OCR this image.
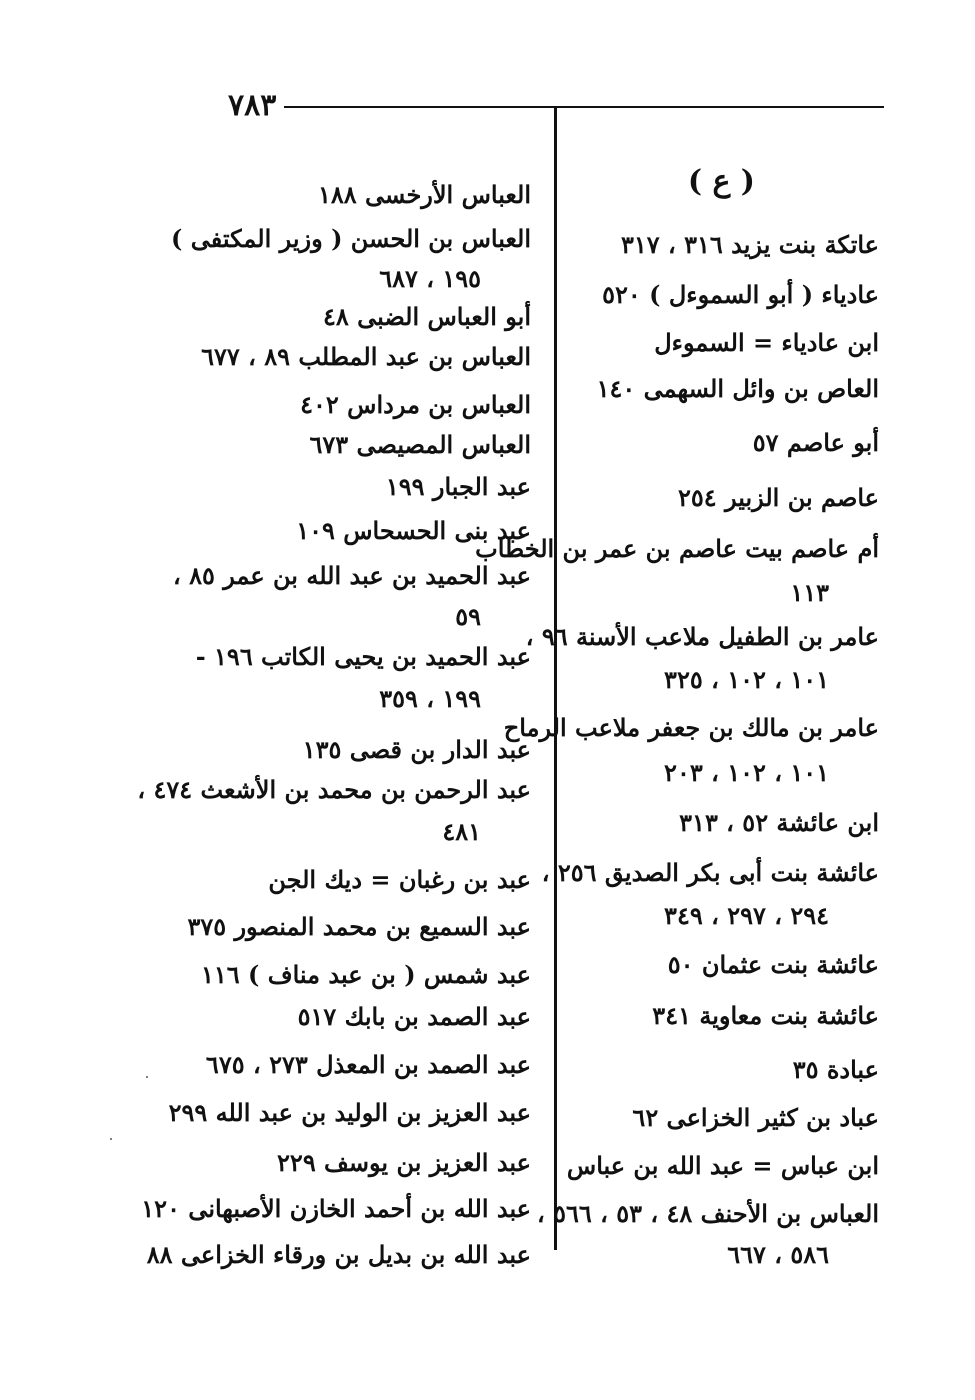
٧٨٣
( ع )
عاتكة بنت يزيد ٣١٦ ، ٣١٧
عادياء ( أبو السموءل ) ٥٢٠
ابن عادياء = السموءل
العاص بن وائل السهمى ١٤٠
أبو عاصم ٥٧
عاصم بن الزبير ٢٥٤
أم عاصم بيت عاصم بن عمر بن الخطاب
١١٣
عامر بن الطفيل ملاعب الأسنة ٩٦ ،
١٠١ ، ١٠٢ ، ٣٢٥
عامر بن مالك بن جعفر ملاعب الرماح
١٠١ ، ١٠٢ ، ٢٠٣
ابن عائشة ٥٢ ، ٣١٣
عائشة بنت أبى بكر الصديق ٢٥٦ ،
٢٩٤ ، ٢٩٧ ، ٣٤٩
عائشة بنت عثمان ٥٠
عائشة بنت معاوية ٣٤١
عبادة ٣٥
عباد بن كثير الخزاعى ٦٢
ابن عباس = عبد الله بن عباس
العباس بن الأحنف ٤٨ ، ٥٣ ، ٥٦٦ ،
٥٨٦ ، ٦٦٧
العباس الأرخسى ١٨٨
العباس بن الحسن ( وزير المكتفى )
١٩٥ ، ٦٨٧
أبو العباس الضبى ٤٨
العباس بن عبد المطلب ٨٩ ، ٦٧٧
العباس بن مرداس ٤٠٢
العباس المصيصى ٦٧٣
عبد الجبار ١٩٩
عبد بنى الحسحاس ١٠٩
عبد الحميد بن عبد الله بن عمر ٨٥ ،
٥٩
عبد الحميد بن يحيى الكاتب ١٩٦ -
١٩٩ ، ٣٥٩
عبد الدار بن قصى ١٣٥
عبد الرحمن بن محمد بن الأشعث ٤٧٤ ،
٤٨١
عبد بن رغبان = ديك الجن
عبد السميع بن محمد المنصور ٣٧٥
عبد شمس ( بن عبد مناف ) ١١٦
عبد الصمد بن بابك ٥١٧
عبد الصمد بن المعذل ٢٧٣ ، ٦٧٥
عبد العزيز بن الوليد بن عبد الله ٢٩٩
عبد العزيز بن يوسف ٢٢٩
عبد الله بن أحمد الخازن الأصبهانى ١٢٠
عبد الله بن بديل بن ورقاء الخزاعى ٨٨
